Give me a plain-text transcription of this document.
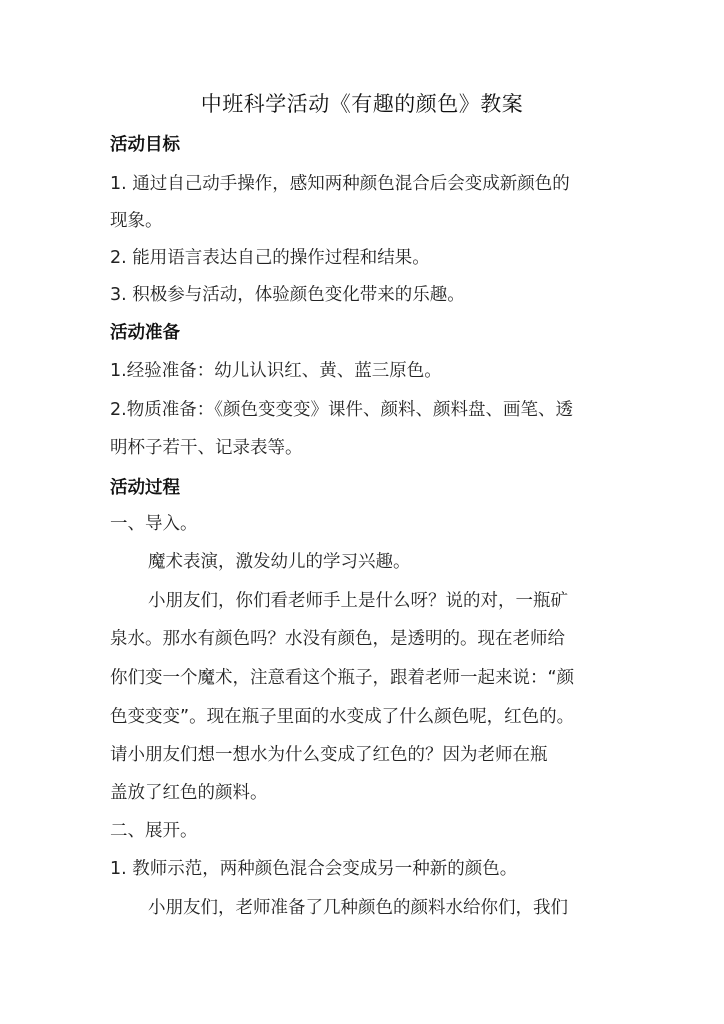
中班科学活动《有趣的颜色》教案
活动目标
1. 通过自己动手操作，感知两种颜色混合后会变成新颜色的
现象。
2. 能用语言表达自己的操作过程和结果。
3. 积极参与活动，体验颜色变化带来的乐趣。
活动准备
1.经验准备：幼儿认识红、黄、蓝三原色。
2.物质准备：《颜色变变变》课件、颜料、颜料盘、画笔、透
明杯子若干、记录表等。
活动过程
一、导入。
魔术表演，激发幼儿的学习兴趣。
小朋友们，你们看老师手上是什么呀？说的对，一瓶矿
泉水。那水有颜色吗？水没有颜色，是透明的。现在老师给
你们变一个魔术，注意看这个瓶子，跟着老师一起来说：“颜
色变变变”。现在瓶子里面的水变成了什么颜色呢，红色的。
请小朋友们想一想水为什么变成了红色的？因为老师在瓶
盖放了红色的颜料。
二、展开。
1. 教师示范，两种颜色混合会变成另一种新的颜色。
小朋友们，老师准备了几种颜色的颜料水给你们，我们
